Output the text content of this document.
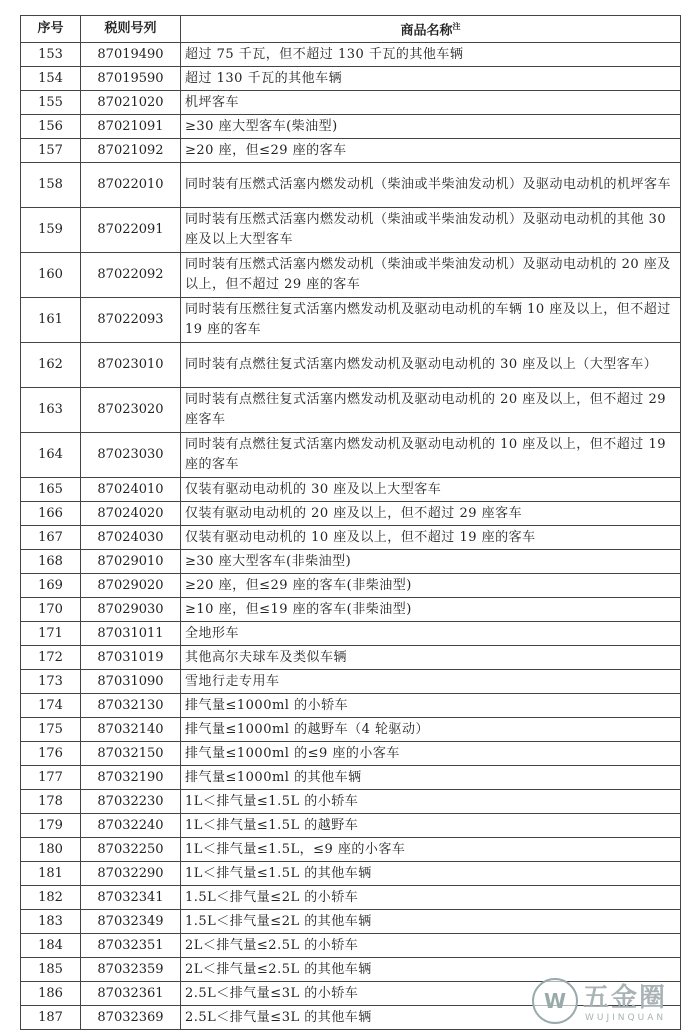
序号	税则号列	商品名称$^注$
153	87019490	超过 75 千瓦，但不超过 130 千瓦的其他车辆
154	87019590	超过 130 千瓦的其他车辆
155	87021020	机坪客车
156	87021091	≥30 座大型客车(柴油型)
157	87021092	≥20 座，但≤29 座的客车
158	87022010	同时装有压燃式活塞内燃发动机（柴油或半柴油发动机）及驱动电动机的机坪客车
159	87022091	同时装有压燃式活塞内燃发动机（柴油或半柴油发动机）及驱动电动机的其他 30 座及以上大型客车
160	87022092	同时装有压燃式活塞内燃发动机（柴油或半柴油发动机）及驱动电动机的 20 座及以上，但不超过 29 座的客车
161	87022093	同时装有压燃往复式活塞内燃发动机及驱动电动机的车辆 10 座及以上，但不超过 19 座的客车
162	87023010	同时装有点燃往复式活塞内燃发动机及驱动电动机的 30 座及以上（大型客车）
163	87023020	同时装有点燃往复式活塞内燃发动机及驱动电动机的 20 座及以上，但不超过 29 座客车
164	87023030	同时装有点燃往复式活塞内燃发动机及驱动电动机的 10 座及以上，但不超过 19 座的客车
165	87024010	仅装有驱动电动机的 30 座及以上大型客车
166	87024020	仅装有驱动电动机的 20 座及以上，但不超过 29 座客车
167	87024030	仅装有驱动电动机的 10 座及以上，但不超过 19 座的客车
168	87029010	≥30 座大型客车(非柴油型)
169	87029020	≥20 座，但≤29 座的客车(非柴油型)
170	87029030	≥10 座，但≤19 座的客车(非柴油型)
171	87031011	全地形车
172	87031019	其他高尔夫球车及类似车辆
173	87031090	雪地行走专用车
174	87032130	排气量≤1000ml 的小轿车
175	87032140	排气量≤1000ml 的越野车（4 轮驱动）
176	87032150	排气量≤1000ml 的≤9 座的小客车
177	87032190	排气量≤1000ml 的其他车辆
178	87032230	1L＜排气量≤1.5L 的小轿车
179	87032240	1L＜排气量≤1.5L 的越野车
180	87032250	1L＜排气量≤1.5L，≤9 座的小客车
181	87032290	1L＜排气量≤1.5L 的其他车辆
182	87032341	1.5L＜排气量≤2L 的小轿车
183	87032349	1.5L＜排气量≤2L 的其他车辆
184	87032351	2L＜排气量≤2.5L 的小轿车
185	87032359	2L＜排气量≤2.5L 的其他车辆
186	87032361	2.5L＜排气量≤3L 的小轿车
187	87032369	2.5L＜排气量≤3L 的其他车辆
W 五金圈
WUJINQUAN
